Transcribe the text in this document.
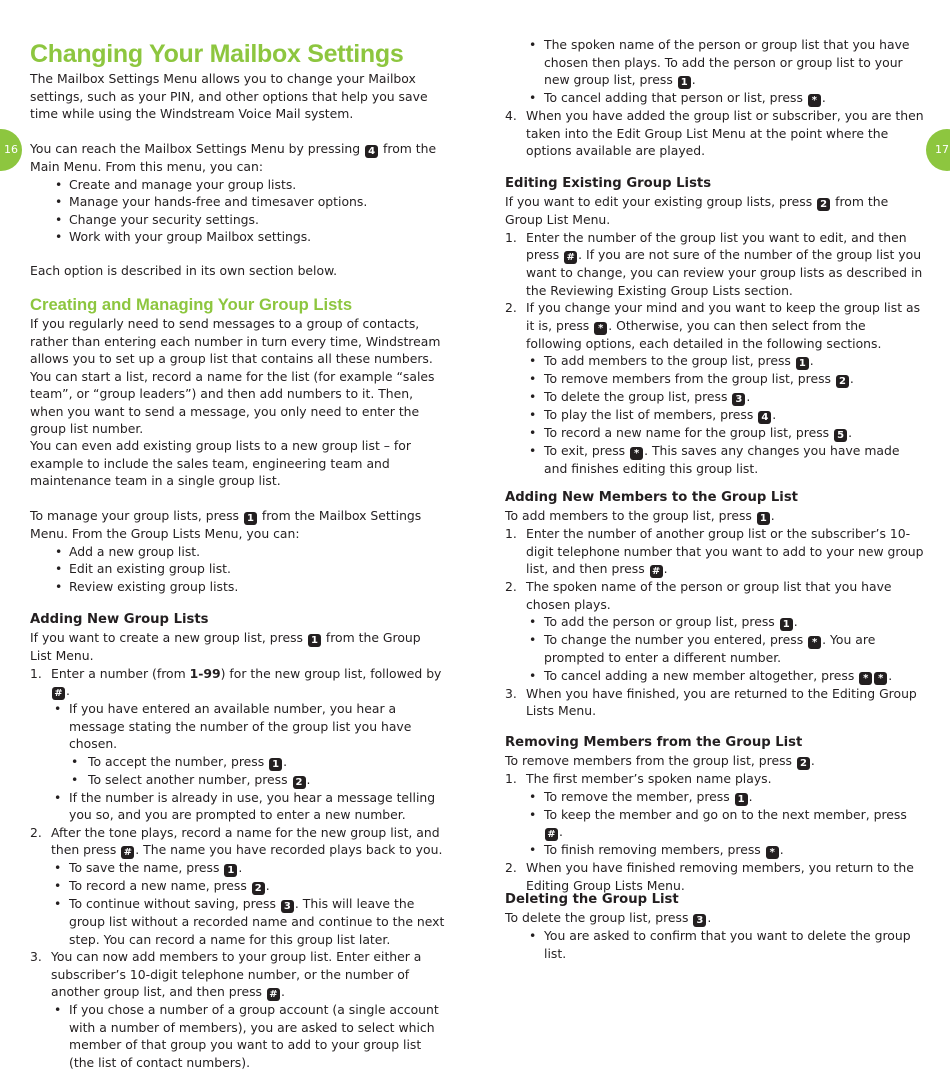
16	17
Changing Your Mailbox Settings

The Mailbox Settings Menu allows you to change your Mailbox settings, such as your PIN, and other options that help you save time while using the Windstream Voice Mail system.

You can reach the Mailbox Settings Menu by pressing 4 from the Main Menu. From this menu, you can:

• Create and manage your group lists.
• Manage your hands-free and timesaver options.
• Change your security settings.
• Work with your group Mailbox settings.

Each option is described in its own section below.

Creating and Managing Your Group Lists

If you regularly need to send messages to a group of contacts, rather than entering each number in turn every time, Windstream allows you to set up a group list that contains all these numbers. You can start a list, record a name for the list (for example “sales team”, or “group leaders”) and then add numbers to it. Then, when you want to send a message, you only need to enter the group list number.

You can even add existing group lists to a new group list – for example to include the sales team, engineering team and maintenance team in a single group list.

To manage your group lists, press 1 from the Mailbox Settings Menu. From the Group Lists Menu, you can:

• Add a new group list.
• Edit an existing group list.
• Review existing group lists.
Adding New Group Lists

If you want to create a new group list, press 1 from the Group
List Menu.

1. Enter a number (from 1-99) for the new group list, followed by # .
• If you have entered an available number, you hear a message stating the number of the group list you have chosen.
• To accept the number, press 1 .
• To select another number, press 2 .
• If the number is already in use, you hear a message telling you so, and you are prompted to enter a new number.
2. After the tone plays, record a name for the new group list, and then press # . The name you have recorded plays back to you.
• To save the name, press 1 .
• To record a new name, press 2 .
• To continue without saving, press 3 . This will leave the group list without a recorded name and continue to the next step. You can record a name for this group list later.
3. You can now add members to your group list. Enter either a subscriber’s 10-digit telephone number, or the number of another group list, and then press # .
• If you chose a number of a group account (a single account with a number of members), you are asked to select which member of that group you want to add to your group list (the list of contact numbers).
• The spoken name of the person or group list that you have chosen then plays. To add the person or group list to your new group list, press 1 .
• To cancel adding that person or list, press * .
4. When you have added the group list or subscriber, you are then taken into the Edit Group List Menu at the point where the options available are played.
Editing Existing Group Lists

If you want to edit your existing group lists, press 2 from the Group List Menu.

1. Enter the number of the group list you want to edit, and then press # . If you are not sure of the number of the group list you want to change, you can review your group lists as described in the Reviewing Existing Group Lists section.
2. If you change your mind and you want to keep the group list as it is, press * . Otherwise, you can then select from the following options, each detailed in the following sections.
• To add members to the group list, press 1 .
• To remove members from the group list, press 2 .
• To delete the group list, press 3 .
• To play the list of members, press 4 .
• To record a new name for the group list, press 5 .
• To exit, press * . This saves any changes you have made and finishes editing this group list.
Adding New Members to the Group List

To add members to the group list, press 1 .

1. Enter the number of another group list or the subscriber’s 10-digit telephone number that you want to add to your new group list, and then press # .
2. The spoken name of the person or group list that you have chosen plays.
• To add the person or group list, press 1 .
• To change the number you entered, press * . You are prompted to enter a different number.
• To cancel adding a new member altogether, press * * .
3. When you have finished, you are returned to the Editing Group Lists Menu.
Removing Members from the Group List

To remove members from the group list, press 2 .

1. The first member’s spoken name plays.
• To remove the member, press 1 .
• To keep the member and go on to the next member, press # .
• To finish removing members, press * .
2. When you have finished removing members, you return to the Editing Group Lists Menu.
Deleting the Group List

To delete the group list, press 3 .

• You are asked to confirm that you want to delete the group list.
